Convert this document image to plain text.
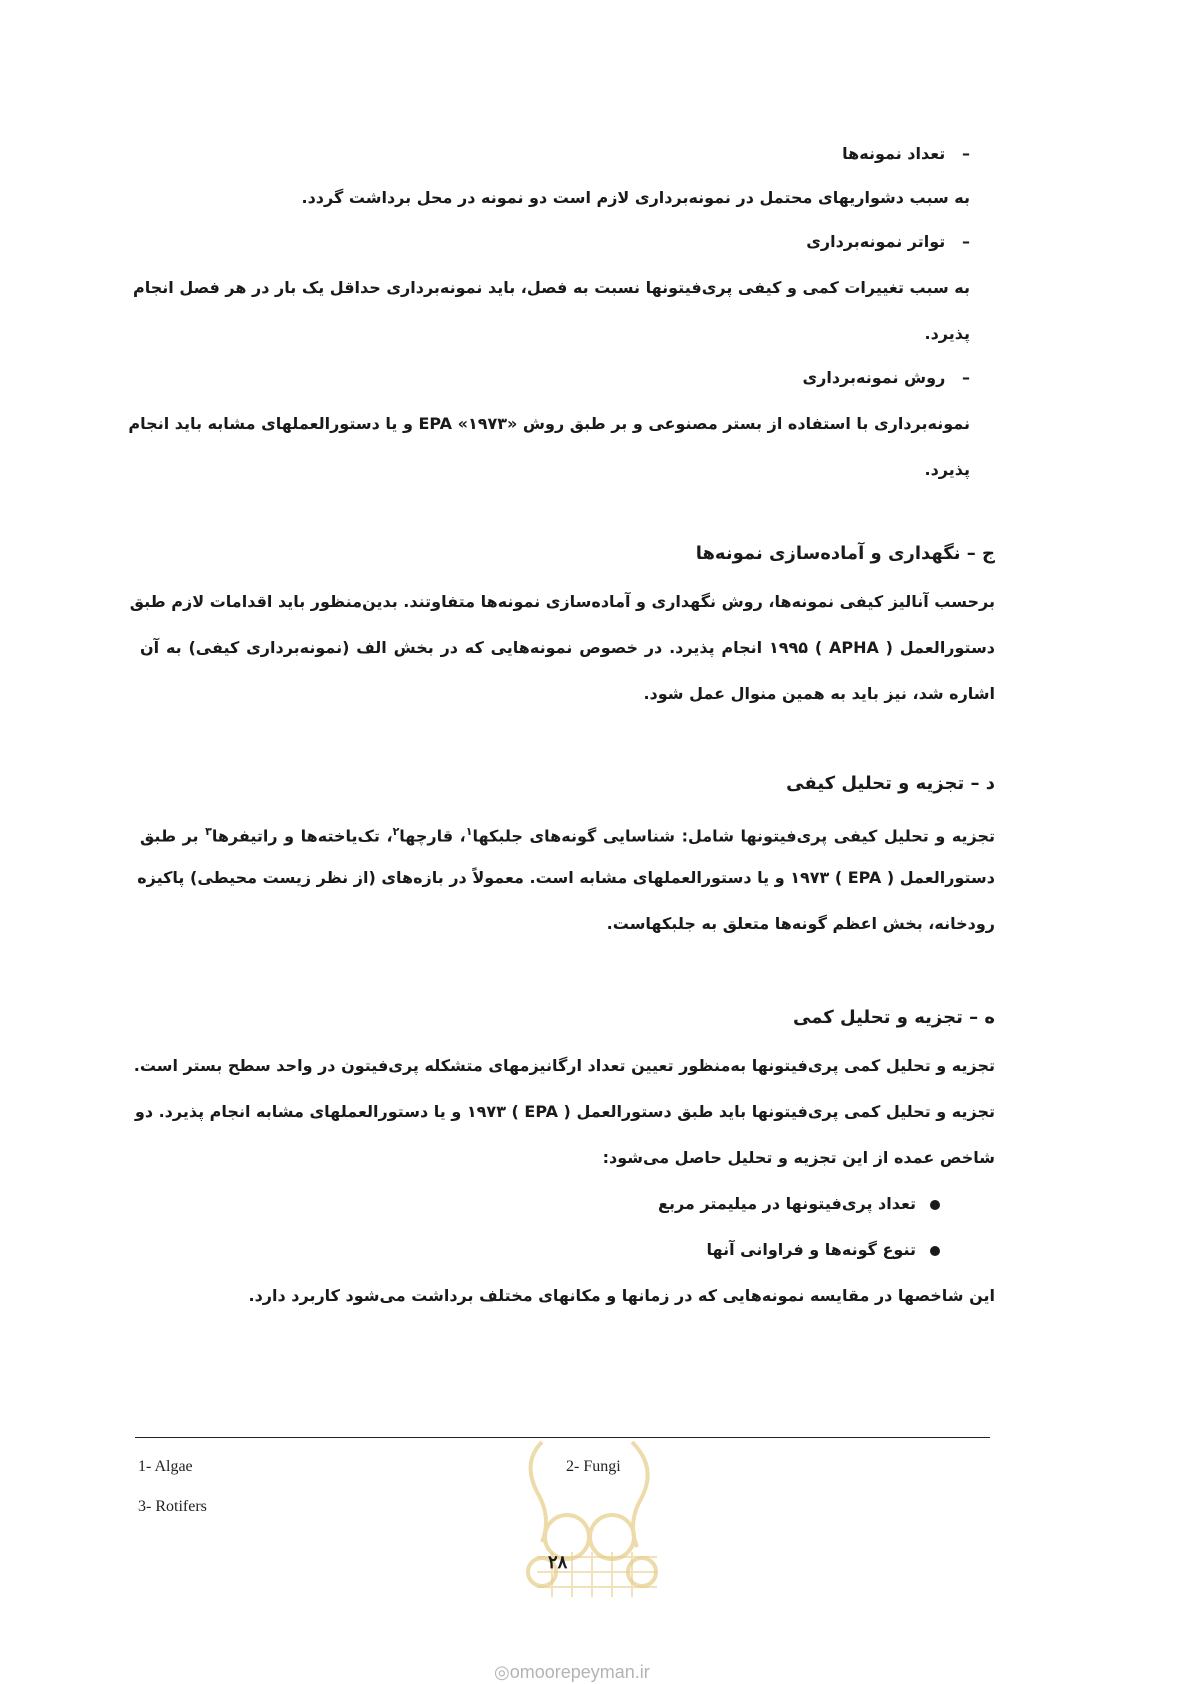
–   تعداد نمونه‌ها
به سبب دشواریهای محتمل در نمونه‌برداری لازم است دو نمونه در محل برداشت گردد.
–   تواتر نمونه‌برداری
به سبب تغییرات کمی و کیفی پری‌فیتونها نسبت به فصل، باید نمونه‌برداری حداقل یک بار در هر فصل انجام
پذیرد.
–   روش نمونه‌برداری
نمونه‌برداری با استفاده از بستر مصنوعی و بر طبق روش «EPA «۱۹۷۳ و یا دستورالعملهای مشابه باید انجام
پذیرد.
ج – نگهداری و آماده‌سازی نمونه‌ها
برحسب آنالیز کیفی نمونه‌ها، روش نگهداری و آماده‌سازی نمونه‌ها متفاوتند. بدین‌منظور باید اقدامات لازم طبق
دستورالعمل ( APHA ) ۱۹۹۵ انجام پذیرد. در خصوص نمونه‌هایی که در بخش الف (نمونه‌برداری کیفی) به آن
اشاره شد، نیز باید به همین منوال عمل شود.
د – تجزیه و تحلیل کیفی
تجزیه و تحلیل کیفی پری‌فیتونها شامل: شناسایی گونه‌های جلبکها$^۱$، قارچها$^۲$، تک‌یاخته‌ها و راتیفرها$^۳$ بر طبق
دستورالعمل ( EPA ) ۱۹۷۳ و یا دستورالعملهای مشابه است. معمولاً در بازه‌های (از نظر زیست محیطی) پاکیزه
رودخانه، بخش اعظم گونه‌ها متعلق به جلبکهاست.
ه – تجزیه و تحلیل کمی
تجزیه و تحلیل کمی پری‌فیتونها به‌منظور تعیین تعداد ارگانیزمهای متشکله پری‌فیتون در واحد سطح بستر است.
تجزیه و تحلیل کمی پری‌فیتونها باید طبق دستورالعمل ( EPA ) ۱۹۷۳ و یا دستورالعملهای مشابه انجام پذیرد. دو
شاخص عمده از این تجزیه و تحلیل حاصل می‌شود:
تعداد پری‌فیتونها در میلیمتر مربع
تنوع گونه‌ها و فراوانی آنها
این شاخصها در مقایسه نمونه‌هایی که در زمانها و مکانهای مختلف برداشت می‌شود کاربرد دارد.
1- Algae	2- Fungi
3- Rotifers
۲۸
◎omoorepeyman.ir
